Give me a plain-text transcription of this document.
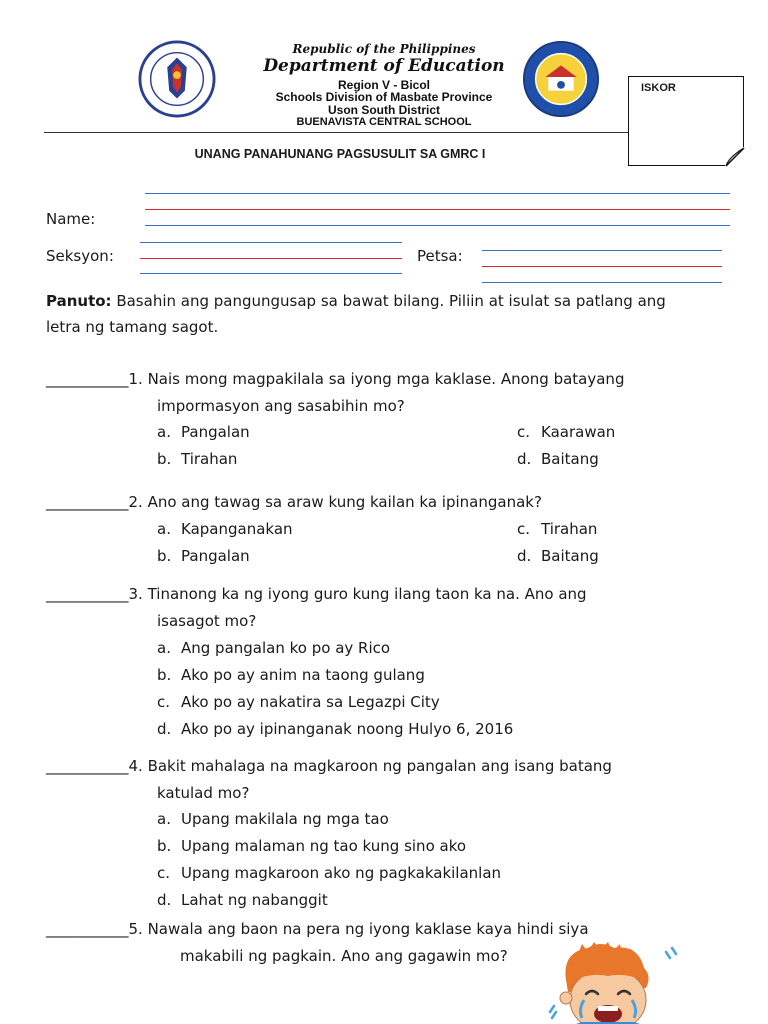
Republic of the Philippines
Department of Education
Region V - Bicol
Schools Division of Masbate Province
Uson South District
BUENAVISTA CENTRAL SCHOOL
ISKOR
UNANG PANAHUNANG PAGSUSULIT SA GMRC I
Name:
Seksyon:	Petsa:
Panuto: Basahin ang pangungusap sa bawat bilang. Piliin at isulat sa patlang ang
letra ng tamang sagot.
___________1. Nais mong magpakilala sa iyong mga kaklase. Anong batayang
impormasyon ang sasabihin mo?
a. Pangalan	c. Kaarawan
b. Tirahan	d. Baitang
___________2. Ano ang tawag sa araw kung kailan ka ipinanganak?
a. Kapanganakan	c. Tirahan
b. Pangalan	d. Baitang
___________3. Tinanong ka ng iyong guro kung ilang taon ka na. Ano ang
isasagot mo?
a. Ang pangalan ko po ay Rico
b. Ako po ay anim na taong gulang
c. Ako po ay nakatira sa Legazpi City
d. Ako po ay ipinanganak noong Hulyo 6, 2016
___________4. Bakit mahalaga na magkaroon ng pangalan ang isang batang
katulad mo?
a. Upang makilala ng mga tao
b. Upang malaman ng tao kung sino ako
c. Upang magkaroon ako ng pagkakakilanlan
d. Lahat ng nabanggit
___________5. Nawala ang baon na pera ng iyong kaklase kaya hindi siya
makabili ng pagkain. Ano ang gagawin mo?
